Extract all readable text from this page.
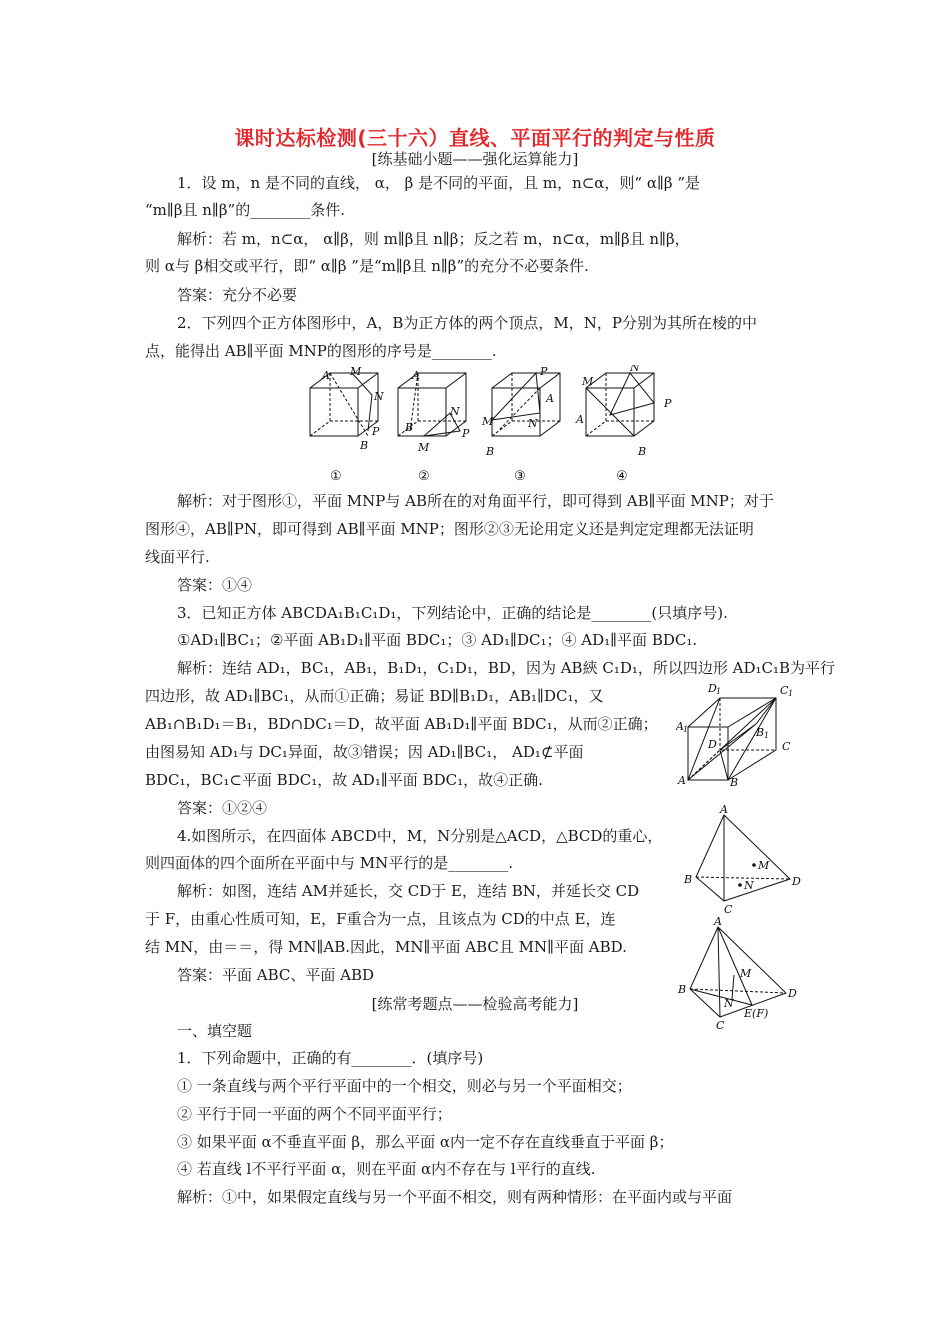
课时达标检测(三十六）直线、平面平行的判定与性质
[练基础小题——强化运算能力]
1．设 m，n 是不同的直线， α， β 是不同的平面，且 m，n⊂α，则“ α∥β ”是
“m∥β且 n∥β”的________条件.
解析：若 m，n⊂α， α∥β，则 m∥β且 n∥β；反之若 m，n⊂α，m∥β且 n∥β，
则 α与 β相交或平行，即“ α∥β ”是“m∥β且 n∥β”的充分不必要条件.
答案：充分不必要
2．下列四个正方体图形中，A，B为正方体的两个顶点，M，N，P分别为其所在棱的中
点，能得出 AB∥平面 MNP的图形的序号是________.
A M
N
P
B
①
A
N
B
M
P
②
P
A
M	N
B
③
N
A
P
M
B
④
解析：对于图形①，平面 MNP与 AB所在的对角面平行，即可得到 AB∥平面 MNP；对于
图形④，AB∥PN，即可得到 AB∥平面 MNP；图形②③无论用定义还是判定定理都无法证明
线面平行.
答案：①④
3．已知正方体 ABCDA₁B₁C₁D₁，下列结论中，正确的结论是________(只填序号).
①AD₁∥BC₁；②平面 AB₁D₁∥平面 BDC₁；③ AD₁∥DC₁；④ AD₁∥平面 BDC₁.
解析：连结 AD₁，BC₁，AB₁，B₁D₁，C₁D₁，BD，因为 AB綊 C₁D₁，所以四边形 AD₁C₁B为平行
四边形，故 AD₁∥BC₁，从而①正确；易证 BD∥B₁D₁，AB₁∥DC₁，又
AB₁∩B₁D₁＝B₁，BD∩DC₁＝D，故平面 AB₁D₁∥平面 BDC₁，从而②正确；
由图易知 AD₁与 DC₁异面，故③错误；因 AD₁∥BC₁， AD₁⊄平面
BDC₁，BC₁⊂平面 BDC₁，故 AD₁∥平面 BDC₁，故④正确.
D 1	C 1
A 1	B 1
D	C
A	B
答案：①②④
4.如图所示，在四面体 ABCD中，M，N分别是△ACD，△BCD的重心，
则四面体的四个面所在平面中与 MN平行的是________.
解析：如图，连结 AM并延长，交 CD于 E，连结 BN，并延长交 CD
于 F，由重心性质可知，E，F重合为一点，且该点为 CD的中点 E，连
结 MN，由＝＝，得 MN∥AB.因此，MN∥平面 ABC且 MN∥平面 ABD.
答案：平面 ABC、平面 ABD
A
B
C
D
M
N
A
B
C
D
M
N
E(F)
[练常考题点——检验高考能力]
一、填空题
1．下列命题中，正确的有________．(填序号)
① 一条直线与两个平行平面中的一个相交，则必与另一个平面相交；
② 平行于同一平面的两个不同平面平行；
③ 如果平面 α不垂直平面 β，那么平面 α内一定不存在直线垂直于平面 β；
④ 若直线 l不平行平面 α，则在平面 α内不存在与 l平行的直线.
解析：①中，如果假定直线与另一个平面不相交，则有两种情形：在平面内或与平面
